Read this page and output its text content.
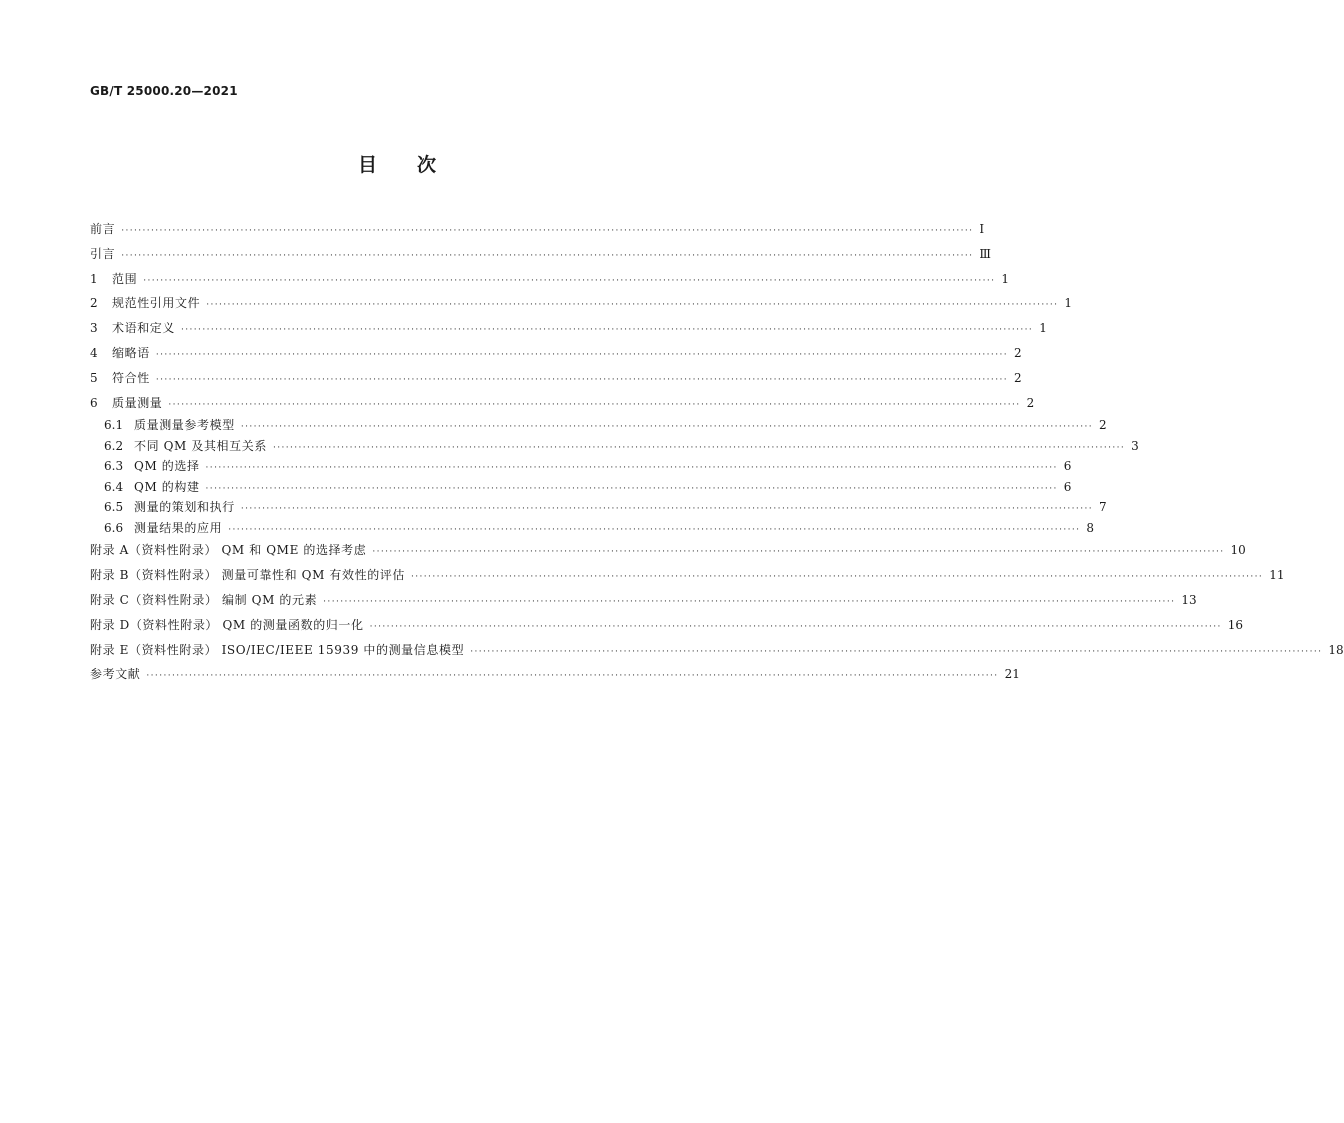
GB/T 25000.20—2021
目 次
前言 ········································································································································································································ Ⅰ
引言 ········································································································································································································ Ⅲ
1 范围 ········································································································································································································ 1
2 规范性引用文件 ········································································································································································································ 1
3 术语和定义 ········································································································································································································ 1
4 缩略语 ········································································································································································································ 2
5 符合性 ········································································································································································································ 2
6 质量测量 ········································································································································································································ 2
6.1 质量测量参考模型 ········································································································································································································ 2
6.2 不同 QM 及其相互关系 ········································································································································································································ 3
6.3 QM 的选择 ········································································································································································································ 6
6.4 QM 的构建 ········································································································································································································ 6
6.5 测量的策划和执行 ········································································································································································································ 7
6.6 测量结果的应用 ········································································································································································································ 8
附录 A（资料性附录） QM 和 QME 的选择考虑 ········································································································································································································ 10
附录 B（资料性附录） 测量可靠性和 QM 有效性的评估 ········································································································································································································ 11
附录 C（资料性附录） 编制 QM 的元素 ········································································································································································································ 13
附录 D（资料性附录） QM 的测量函数的归一化 ········································································································································································································ 16
附录 E（资料性附录） ISO/IEC/IEEE 15939 中的测量信息模型 ········································································································································································································ 18
参考文献 ········································································································································································································ 21
